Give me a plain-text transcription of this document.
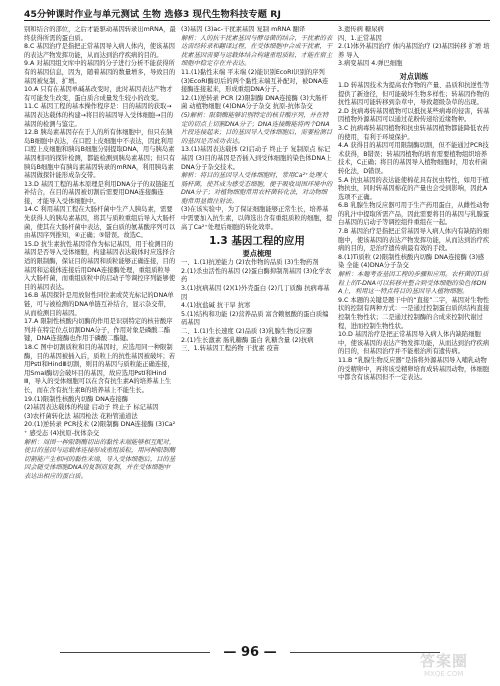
45分钟课时作业与单元测试 生物 选修3 现代生物科技专题 RJ

别和结合的部位，之后才能驱动基因转录出mRNA，最终获得所需的蛋白质。

8.C 基因治疗是指把正常基因导入病人体内，使该基因的表达产物发挥功能，从而达到治疗疾病的目的。

9.A 对基因组文库中的基因的分子进行分析不能获得所有的基因信息，因为，随着基因的数量增多，导致目的基因被复制、扩增。

10.A 只有在基因单碱基改变时，此时基因表达产物才有可能发生改变，蛋白质合成量发生较小的改变。

11.C 基因工程的基本操作程序是：目的基因的获取→基因表达载体的构建→将目的基因导入受体细胞→目的基因的检测与鉴定。

12.B 胰岛素基因存在于人的所有体细胞中，但只在胰岛B细胞中表达，在口腔上皮细胞中不表达，因此利用口腔上皮细胞和胰岛B细胞分别提取DNA，用与胰岛素基因相同的探针检测，都能检测到胰岛素基因；但只有胰岛B细胞中有胰岛素基因转录的mRNA，利用胰岛素基因做探针能形成杂交带。

13.D 基因工程的基本原理是利用DNA分子的双链能互补结合，在目的基因被切割后需要用DNA连接酶连接，才能导入受体细胞中。

14.C 利用基因工程在大肠杆菌中生产人胰岛素，需要先获得人的胰岛素基因，将其与质粒重组后导入大肠杆菌，使其在大肠杆菌中表达，蛋白质的氨基酸序列可以由基因序列推知，④正确；⑤错误。故选C。

15.D 抗生素抗性基因常作为标记基因，用于检测目的基因是否导入受体细胞，构建基因表达载体时应选择合适的限制酶，保证目的基因和质粒能够正确连接，目的基因和运载体连接后用DNA连接酶处理，重组质粒导入大肠杆菌，而重组质粒中的启动子等调控序列能够使目的基因表达。

16.B 基因探针是用放射性同位素或荧光标记的DNA单链，可与被检测的DNA单链互补结合，显示杂交带，从而检测目的基因。

17.A 限制性核酸内切酶的作用是识别特定的核苷酸序列并在特定位点切割DNA分子，作用对象是磷酸二酯键，DNA连接酶也作用于磷酸二酯键。

18.C 图中切割质粒和目的基因时，应选用同一种限制酶，目的基因被插入后，质粒上的抗性基因被破坏；若用PstⅠ和HindⅢ切割，则目的基因与质粒能正确连接，用SmaⅠ酶切会破坏目的基因，故应选用PstⅠ和HindⅢ，导入的受体细胞可以在含有抗生素A的培养基上生长，而在含有抗生素B的培养基上不能生长。

19.(1)限制性核酸内切酶 DNA连接酶

(2)基因表达载体的构建 启动子 终止子 标记基因

(3)农杆菌转化法 基因枪法 花粉管通道法

20.(1)逆转录 PCR技术 (2)限制酶 DNA连接酶 (3)Ca²⁺ 感受态 (4)抗原-抗体杂交

解析：周围一种限制酶切出的黏性末端能够相互配对，使目的基因与运载体连接形成重组质粒，用同种限制酶切割能产生相同的黏性末端，导入受体细胞后，目的基因会随受体细胞DNA的复制而复制，并在受体细胞中表达出相应的蛋白质。

(3)基因 (3)ac-干扰素基因 复制 mRNA 翻译

解析：人的抗干扰素基因与酵母菌的结合，干扰素的表达需经转录和翻译过程，在受体细胞中合成干扰素，干扰素基因需要与运载体结合构建重组质粒，才能在宿主细胞中稳定存在并表达。

11.(1)黏性末端 平末端 (2)能识别EcoRⅠ识别的序列 (3)EcoRⅠ酶切后的两个黏性末端互补配对，被DNA连接酶连接起来，形成重组DNA分子。

12.(1)逆转录 PCR (2)限制酶 DNA连接酶 (3)大肠杆菌 动植物细胞 (4)DNA分子杂交 抗原-抗体杂交

(5)解析：限制酶能够识别特定的核苷酸序列，并在特定的切点上切割DNA分子；DNA连接酶能将两个DNA片段连接起来；目的基因导入受体细胞后，需要检测目的基因是否成功表达。

13.(1)基因表达载体 (2)启动子 终止子 复制原点 标记基因 (3)目的基因是否插入到受体细胞的染色体DNA上 DNA分子杂交技术。

解析：将目的基因导入受体细胞时，常用Ca²⁺处理大肠杆菌，使其成为感受态细胞，便于吸收周围环境中的DNA分子；对植物细胞常用农杆菌转化法，对动物细胞常用显微注射法。

(3)在该实验中，为了保证细胞能够正常生长，培养基中需要加入抗生素，以筛选出含有重组质粒的细胞，提高了Ca²⁺处理后细胞的转化效率。

1.3 基因工程的应用
要点梳理

一、1.(1)抗逆能力 (2)农作物的品质 (3)生物药剂

2.(1)杀虫活性的基因 (2)蛋白酶抑制剂基因 (3)化学农药

3.(1)抗病基因 (2)(1)外壳蛋白 (2)几丁质酶 抗病毒基因

4.(1)抗盐碱 抗干旱 抗寒

5.(1)结构和功能 (2)营养品质 富含赖氨酸的蛋白质编码基因

二、1.(1)生长速度 (2)品质 (3)乳腺生物反应器

2.(1)生长激素 肠乳糖酶 蛋白 乳糖含量 (2)抗病

三、1.转基因工程药物 干扰素 疫苗

3.遗传病 糖尿病

四、1.正常基因

2.(1)体外基因治疗 体内基因治疗 (2)基因转移 扩增 培养 导入

3.病变基因 4.弹巴细胞

对点训练

1.D 转基因技术为提高农作物的产量、品质和抗逆性等提供了新途径，但可能破坏生物多样性；转基因作物的抗性基因可能转移到杂草中，导致超级杂草的出现。

2.D 抗病毒转基因植物可以抵抗某些病毒的侵害，转基因植物外源基因可以通过花粉传递给近缘物种。

3.C 抗病毒转基因植物和抗虫转基因植物都能降低农药的使用，有利于环境保护。

4.A 获得目的基因可用限制酶切割，但不能通过PCR技术获得，B错误；转基因植物的培育需要植物组织培养技术，C正确；将目的基因导入植物细胞时，用农杆菌转化法，D错误。

5.A 抗虫基因的表达能使棉花具有抗虫特性，如用于植物抗虫，同时转基因棉花的产量也会受到影响，因此A选项不正确。

6.B 乳腺生物反应器可用于生产药用蛋白，从雌性动物的乳汁中提取所需产品，因此需要将目的基因与乳腺蛋白基因的启动子等调控组件重组在一起。

7.B 基因治疗是指把正常基因导入病人体内有缺陷的细胞中，使该基因的表达产物发挥功能，从而达到治疗疾病的目的，是治疗遗传病最有效的手段。

8.(1)Ti质粒 (2)限制性核酸内切酶 DNA连接酶 (3)感染 全能 (4)DNA分子杂交

解析：本题考查基因工程的步骤和应用。农杆菌的Ti质粒上的T-DNA可以转移并整合到受体细胞的染色体DNA上，利用这一特点将目的基因导入植物细胞。

9.C 本题的关键是题干中的“直接”二字，基因对生物性状的控制有两种方式：一是通过控制蛋白质的结构直接控制生物性状；二是通过控制酶的合成来控制代谢过程，进而控制生物性状。

10.D 基因治疗是把正常基因导入病人体内缺陷细胞中，使该基因的表达产物发挥功能，从而达到治疗疾病的目的，但基因治疗并不能根治所有遗传病。

11.B “乳腺生物反应器”是指将外源基因导入哺乳动物的受精卵中，再将该受精卵培育成转基因动物，体细胞中都含有该基因但不一定表达。

— 96 —	答案圈
MXQE.COM
